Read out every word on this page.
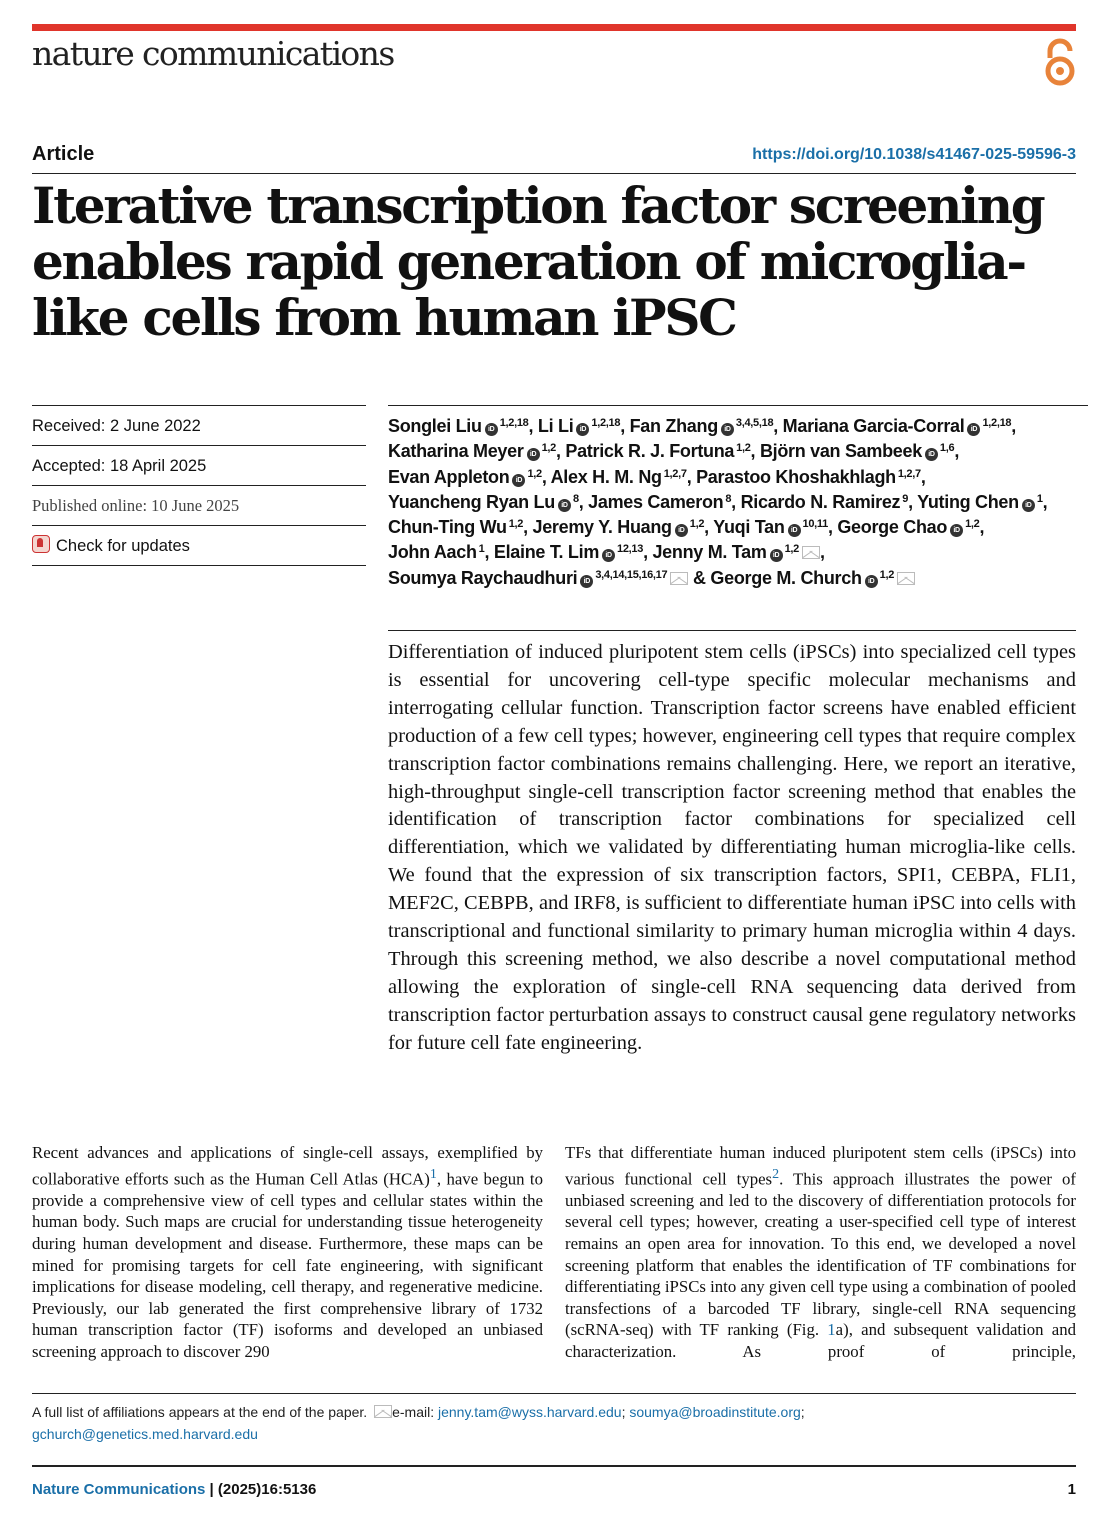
nature communications
Article	https://doi.org/10.1038/s41467-025-59596-3
Iterative transcription factor screening enables rapid generation of microglia-like cells from human iPSC
Received: 2 June 2022
Accepted: 18 April 2025
Published online: 10 June 2025
Check for updates
Songlei Liu iD$^{1,2,18}$, Li Li iD$^{1,2,18}$, Fan Zhang iD$^{3,4,5,18}$, Mariana Garcia-Corral iD$^{1,2,18}$,
Katharina Meyer iD$^{1,2}$, Patrick R. J. Fortuna $^{1,2}$, Björn van Sambeek iD$^{1,6}$,
Evan Appleton iD$^{1,2}$, Alex H. M. Ng $^{1,2,7}$, Parastoo Khoshakhlagh $^{1,2,7}$,
Yuancheng Ryan Lu $iD^8$, James Cameron $^8$, Ricardo N. Ramirez $^9$, Yuting Chen $iD^1$,
Chun-Ting Wu $^{1,2}$, Jeremy Y. Huang iD$^{1,2}$, Yuqi Tan iD$^{10,11}$, George Chao iD$^{1,2}$,
John Aach $^1$, Elaine T. Lim iD$^{12,13}$, Jenny M. Tam iD$^{1,2}$ ,
Soumya Raychaudhuri iD$^{3,4,14,15,16,17}$ & George M. Church iD$^{1,2}$

Differentiation of induced pluripotent stem cells (iPSCs) into specialized cell types is essential for uncovering cell-type specific molecular mechanisms and interrogating cellular function. Transcription factor screens have enabled efficient production of a few cell types; however, engineering cell types that require complex transcription factor combinations remains challenging. Here, we report an iterative, high-throughput single-cell transcription factor screening method that enables the identification of transcription factor combinations for specialized cell differentiation, which we validated by differentiating human microglia-like cells. We found that the expression of six transcription factors, SPI1, CEBPA, FLI1, MEF2C, CEBPB, and IRF8, is sufficient to differentiate human iPSC into cells with transcriptional and functional similarity to primary human microglia within 4 days. Through this screening method, we also describe a novel computational method allowing the exploration of single-cell RNA sequencing data derived from transcription factor perturbation assays to construct causal gene regulatory networks for future cell fate engineering.

Recent advances and applications of single-cell assays, exemplified by collaborative efforts such as the Human Cell Atlas (HCA)$^1$, have begun to provide a comprehensive view of cell types and cellular states within the human body. Such maps are crucial for understanding tissue heterogeneity during human development and disease. Furthermore, these maps can be mined for promising targets for cell fate engineering, with significant implications for disease modeling, cell therapy, and regenerative medicine. Previously, our lab generated the first comprehensive library of 1732 human transcription factor (TF) isoforms and developed an unbiased screening approach to discover 290

TFs that differentiate human induced pluripotent stem cells (iPSCs) into various functional cell types$^2$. This approach illustrates the power of unbiased screening and led to the discovery of differentiation protocols for several cell types; however, creating a user-specified cell type of interest remains an open area for innovation. To this end, we developed a novel screening platform that enables the identification of TF combinations for differentiating iPSCs into any given cell type using a combination of pooled transfections of a barcoded TF library, single-cell RNA sequencing (scRNA-seq) with TF ranking (Fig. 1a), and subsequent validation and characterization. As proof of principle,

A full list of affiliations appears at the end of the paper. e-mail: jenny.tam@wyss.harvard.edu; soumya@broadinstitute.org;
gchurch@genetics.med.harvard.edu
Nature Communications | (2025)16:5136	1
